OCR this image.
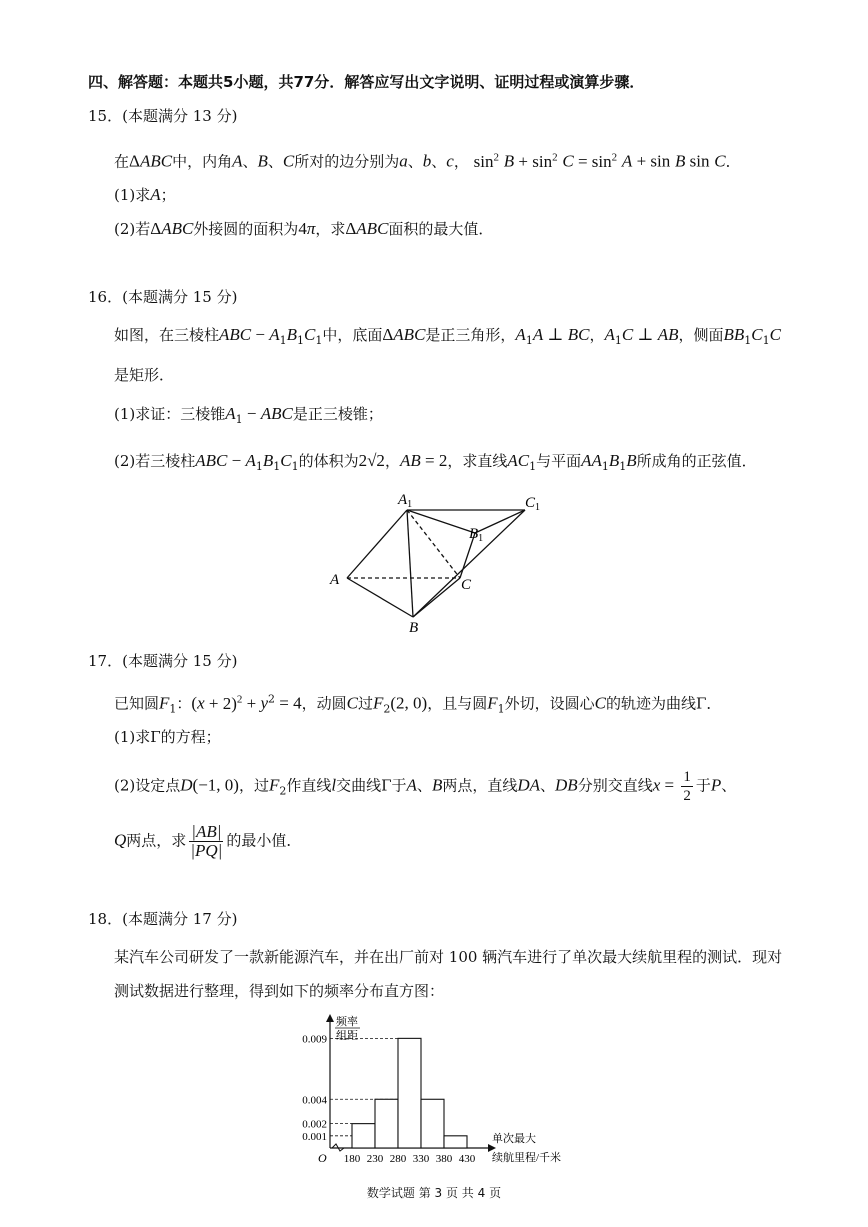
四、解答题：本题共5小题，共77分．解答应写出文字说明、证明过程或演算步骤．
15．(本题满分 13 分)
在ΔABC中，内角A、B、C所对的边分别为a、b、c， $\sin^2 B + \sin^2 C = \sin^2 A + \sin B$ sin C．
(1)求A；
(2)若ΔABC外接圆的面积为4π，求ΔABC面积的最大值．
16．(本题满分 15 分)
如图，在三棱柱ABC − $A_1B_1C_1$中，底面ΔABC是正三角形，$A_1A$ ⊥ BC，$A_1C$ ⊥ AB，侧面$BB_1C_1C$
是矩形．
(1)求证：三棱锥$A_1$ − ABC是正三棱锥；
(2)若三棱柱ABC − $A_1B_1C_1$的体积为2√2，AB = 2，求直线$AC_1$与平面$AA_1B_1B$所成角的正弦值．
$A_1$	$C_1$
$B_1$
A	C
B
17．(本题满分 15 分)
已知圆$F_1$：$(x + 2)^2 + y^2 = 4$，动圆C过$F_2(2$, 0)，且与圆$F_1$外切，设圆心C的轨迹为曲线Γ．
(1)求Γ的方程；
(2)设定点D(−1, 0)，过$F_2$作直线l交曲线Γ于A、B两点，直线DA、DB分别交直线$x = \frac{1}{2}$ 于P、
Q两点，求 $\frac{|AB|}{|PQ|}$ 的最小值．
18．(本题满分 17 分)
某汽车公司研发了一款新能源汽车，并在出厂前对 100 辆汽车进行了单次最大续航里程的测试．现对
测试数据进行整理，得到如下的频率分布直方图：
0.009
0.004
0.002
0.001
180 230 280 330 380 430
O
频率
组距
单次最大
续航里程/千米
数学试题 第 3 页 共 4 页
